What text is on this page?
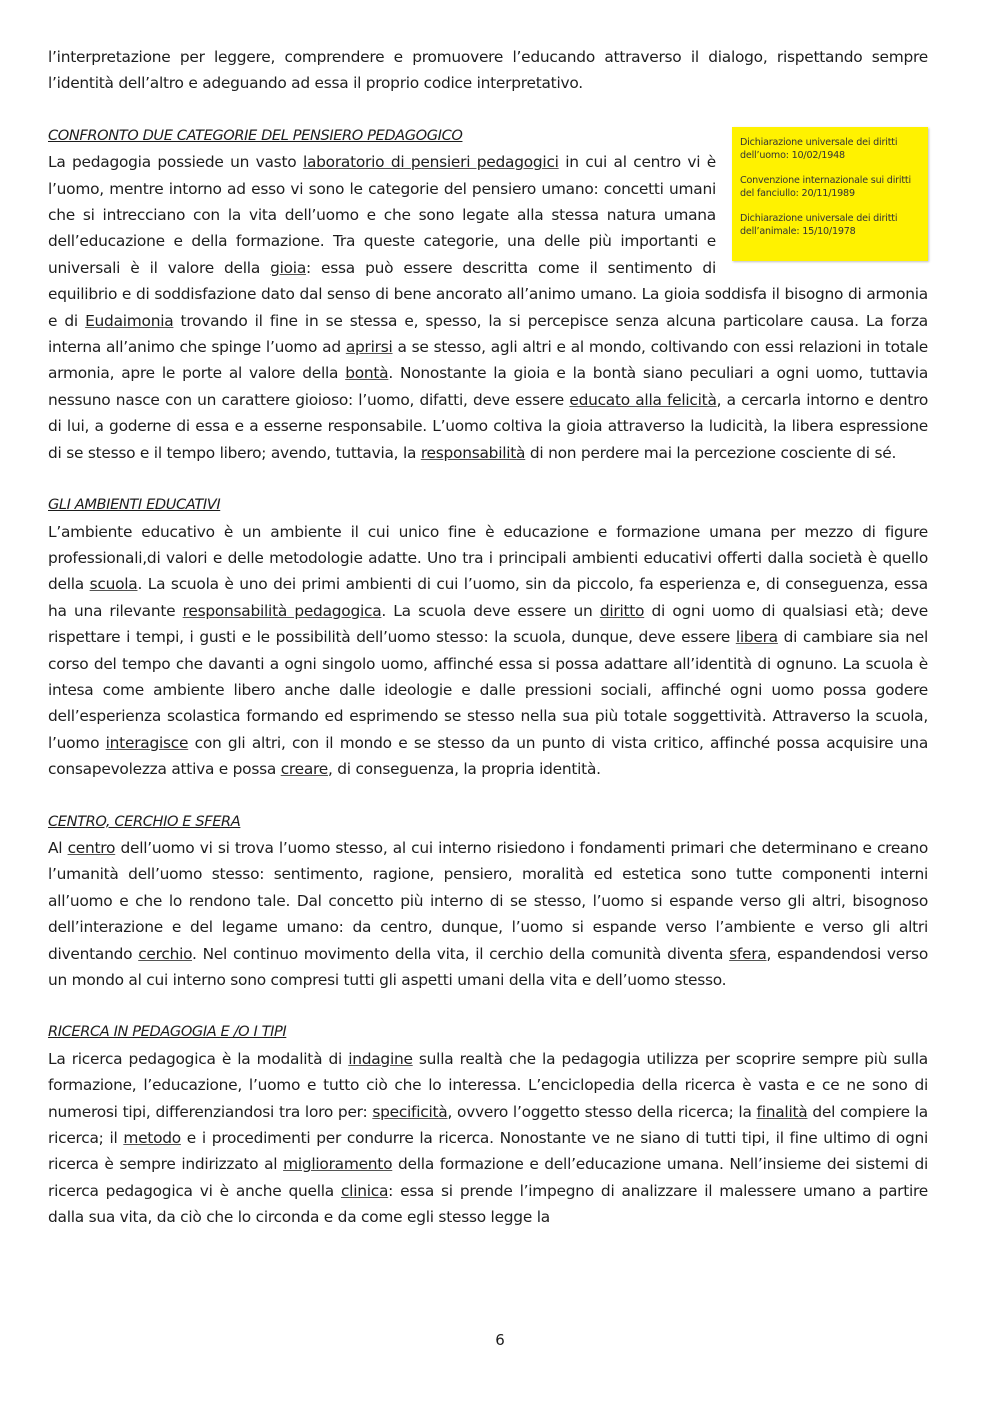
l’interpretazione per leggere, comprendere e promuovere l’educando attraverso il dialogo, rispettando sempre l’identità dell’altro e adeguando ad essa il proprio codice interpretativo.

Dichiarazione universale dei diritti dell’uomo: 10/02/1948
Convenzione internazionale sui diritti del fanciullo: 20/11/1989
Dichiarazione universale dei diritti dell’animale: 15/10/1978
CONFRONTO DUE CATEGORIE DEL PENSIERO PEDAGOGICO

La pedagogia possiede un vasto laboratorio di pensieri pedagogici in cui al centro vi è l’uomo, mentre intorno ad esso vi sono le categorie del pensiero umano: concetti umani che si intrecciano con la vita dell’uomo e che sono legate alla stessa natura umana dell’educazione e della formazione. Tra queste categorie, una delle più importanti e universali è il valore della gioia: essa può essere descritta come il sentimento di equilibrio e di soddisfazione dato dal senso di bene ancorato all’animo umano. La gioia soddisfa il bisogno di armonia e di Eudaimonia trovando il fine in se stessa e, spesso, la si percepisce senza alcuna particolare causa. La forza interna all’animo che spinge l’uomo ad aprirsi a se stesso, agli altri e al mondo, coltivando con essi relazioni in totale armonia, apre le porte al valore della bontà. Nonostante la gioia e la bontà siano peculiari a ogni uomo, tuttavia nessuno nasce con un carattere gioioso: l’uomo, difatti, deve essere educato alla felicità, a cercarla intorno e dentro di lui, a goderne di essa e a esserne responsabile. L’uomo coltiva la gioia attraverso la ludicità, la libera espressione di se stesso e il tempo libero; avendo, tuttavia, la responsabilità di non perdere mai la percezione cosciente di sé.

GLI AMBIENTI EDUCATIVI

L’ambiente educativo è un ambiente il cui unico fine è educazione e formazione umana per mezzo di figure professionali,di valori e delle metodologie adatte. Uno tra i principali ambienti educativi offerti dalla società è quello della scuola. La scuola è uno dei primi ambienti di cui l’uomo, sin da piccolo, fa esperienza e, di conseguenza, essa ha una rilevante responsabilità pedagogica. La scuola deve essere un diritto di ogni uomo di qualsiasi età; deve rispettare i tempi, i gusti e le possibilità dell’uomo stesso: la scuola, dunque, deve essere libera di cambiare sia nel corso del tempo che davanti a ogni singolo uomo, affinché essa si possa adattare all’identità di ognuno. La scuola è intesa come ambiente libero anche dalle ideologie e dalle pressioni sociali, affinché ogni uomo possa godere dell’esperienza scolastica formando ed esprimendo se stesso nella sua più totale soggettività. Attraverso la scuola, l’uomo interagisce con gli altri, con il mondo e se stesso da un punto di vista critico, affinché possa acquisire una consapevolezza attiva e possa creare, di conseguenza, la propria identità.

CENTRO, CERCHIO E SFERA

Al centro dell’uomo vi si trova l’uomo stesso, al cui interno risiedono i fondamenti primari che determinano e creano l’umanità dell’uomo stesso: sentimento, ragione, pensiero, moralità ed estetica sono tutte componenti interni all’uomo e che lo rendono tale. Dal concetto più interno di se stesso, l’uomo si espande verso gli altri, bisognoso dell’interazione e del legame umano: da centro, dunque, l’uomo si espande verso l’ambiente e verso gli altri diventando cerchio. Nel continuo movimento della vita, il cerchio della comunità diventa sfera, espandendosi verso un mondo al cui interno sono compresi tutti gli aspetti umani della vita e dell’uomo stesso.

RICERCA IN PEDAGOGIA E /O I TIPI

La ricerca pedagogica è la modalità di indagine sulla realtà che la pedagogia utilizza per scoprire sempre più sulla formazione, l’educazione, l’uomo e tutto ciò che lo interessa. L’enciclopedia della ricerca è vasta e ce ne sono di numerosi tipi, differenziandosi tra loro per: specificità, ovvero l’oggetto stesso della ricerca; la finalità del compiere la ricerca; il metodo e i procedimenti per condurre la ricerca. Nonostante ve ne siano di tutti tipi, il fine ultimo di ogni ricerca è sempre indirizzato al miglioramento della formazione e dell’educazione umana. Nell’insieme dei sistemi di ricerca pedagogica vi è anche quella clinica: essa si prende l’impegno di analizzare il malessere umano a partire dalla sua vita, da ciò che lo circonda e da come egli stesso legge la

6
